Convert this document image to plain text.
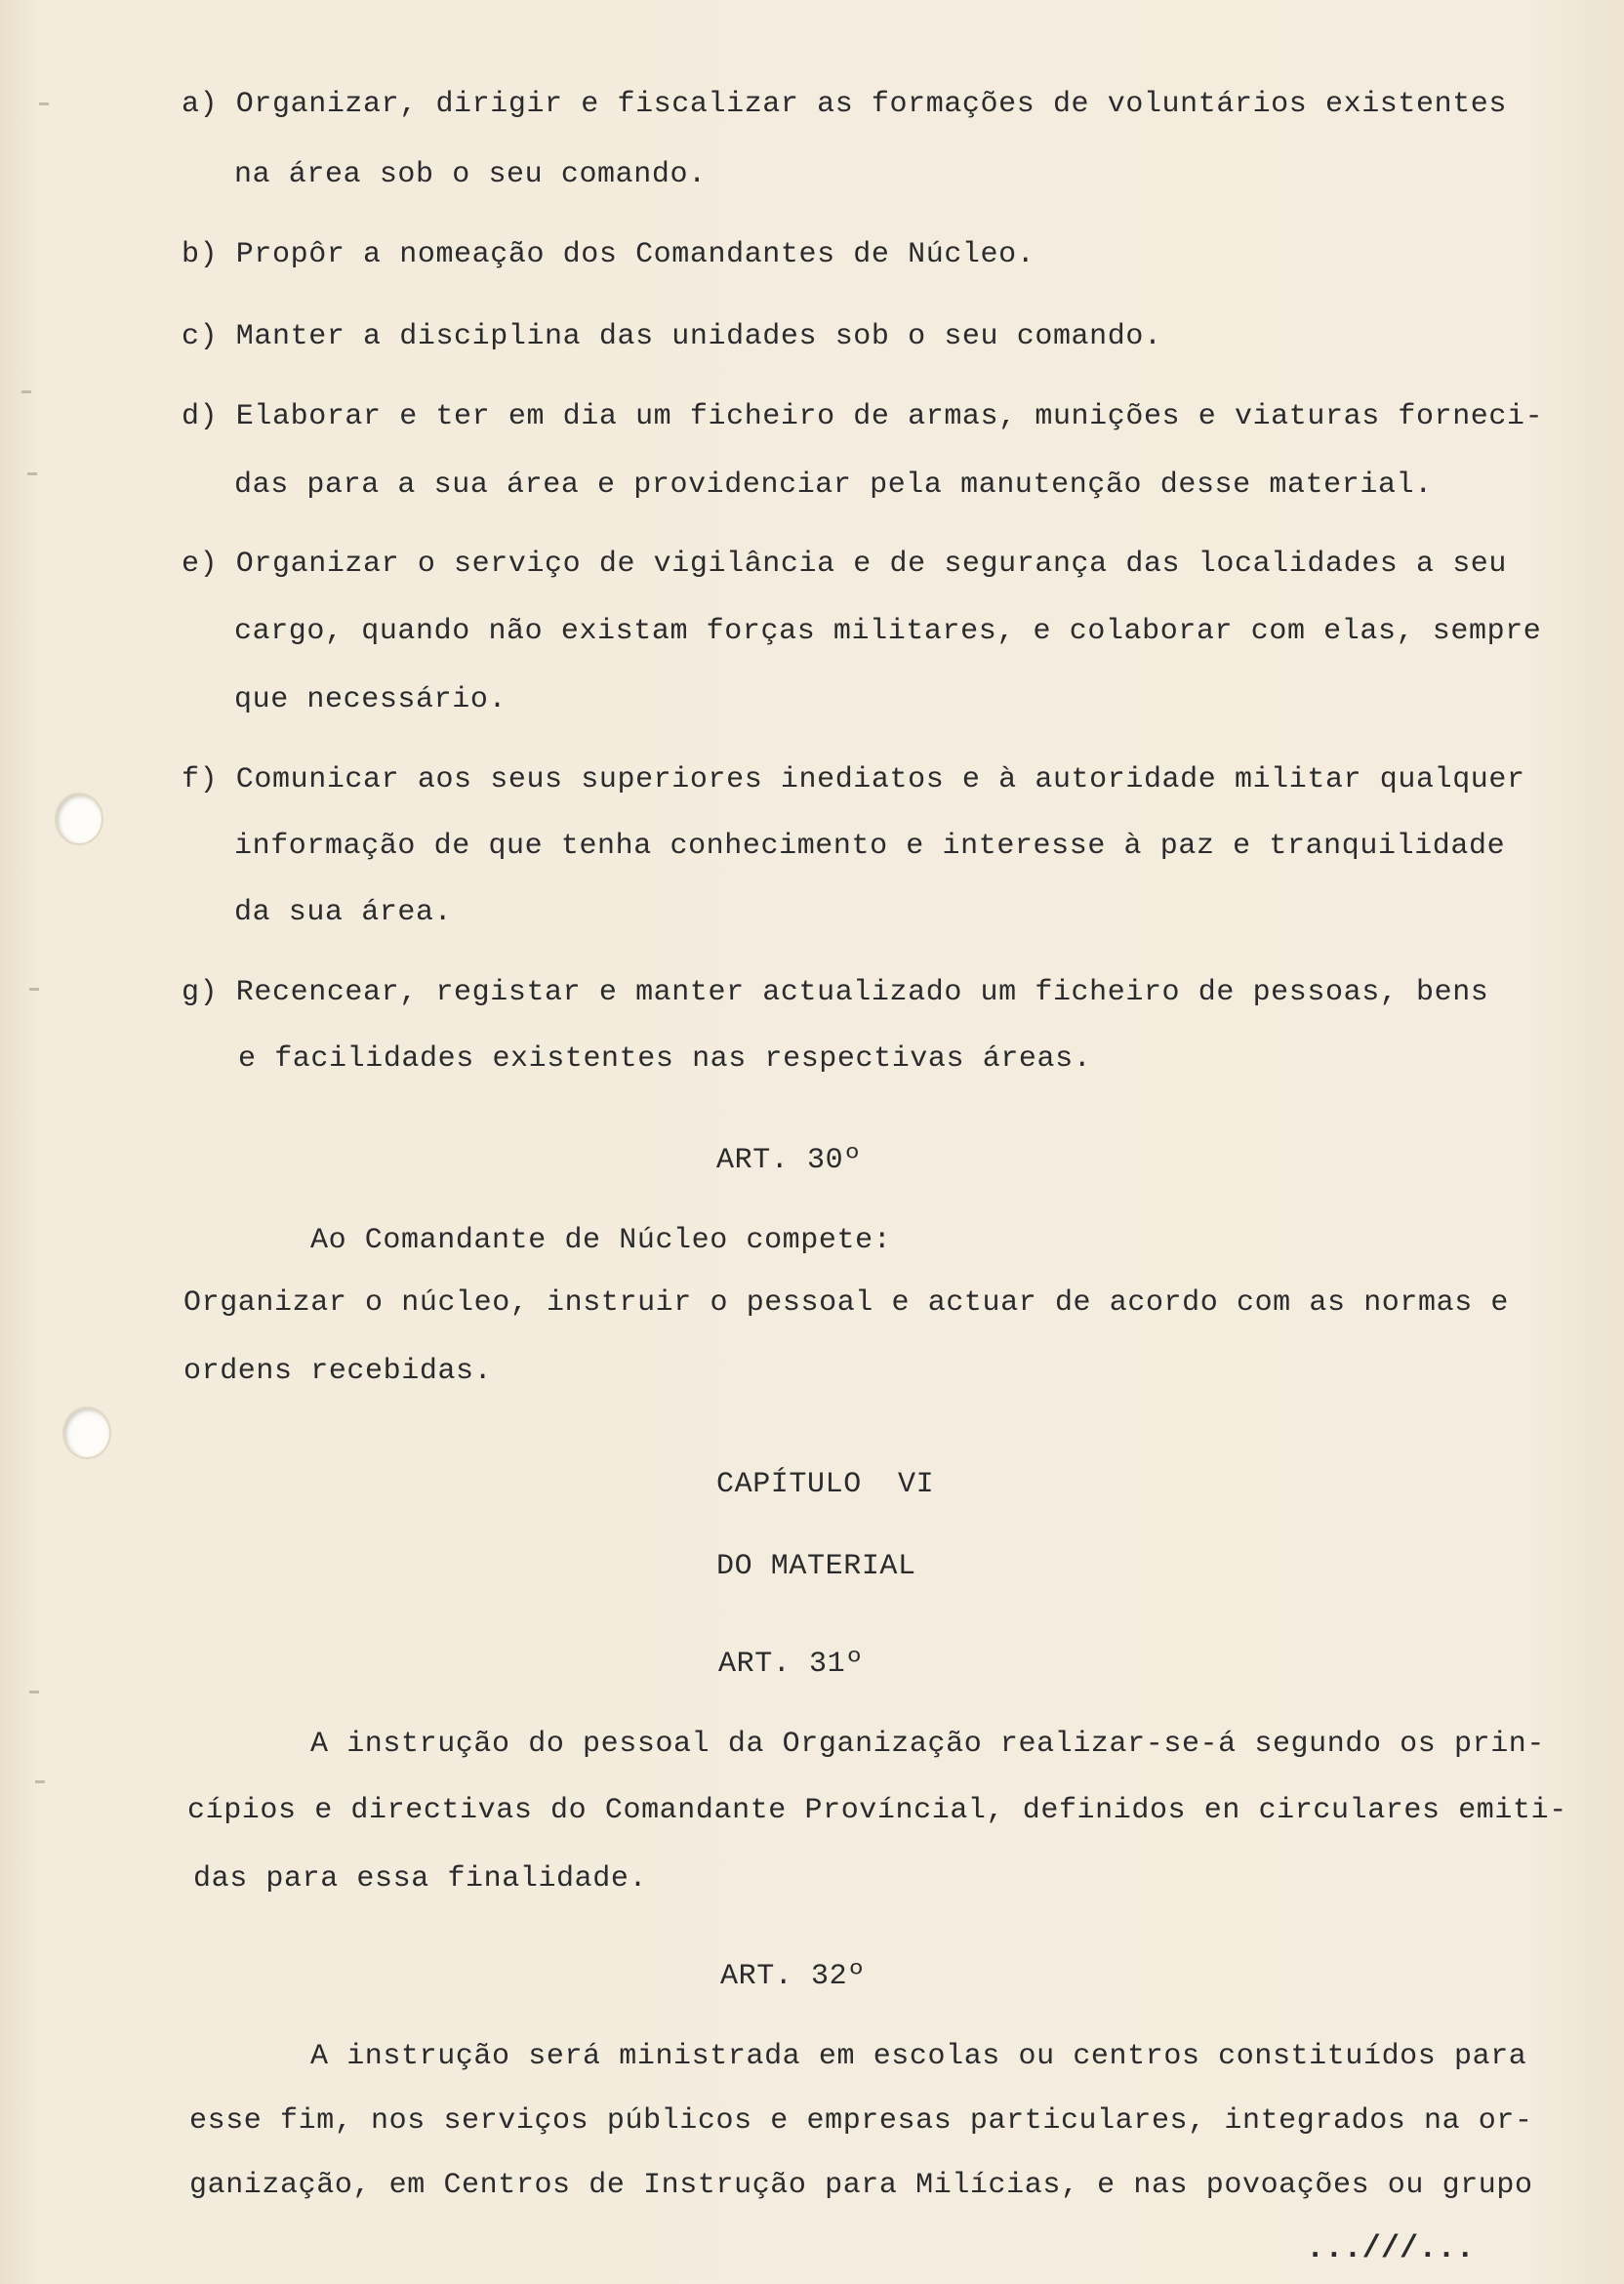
a) Organizar, dirigir e fiscalizar as formações de voluntários existentes
na área sob o seu comando.
b) Propôr a nomeação dos Comandantes de Núcleo.
c) Manter a disciplina das unidades sob o seu comando.
d) Elaborar e ter em dia um ficheiro de armas, munições e viaturas forneci-
das para a sua área e providenciar pela manutenção desse material.
e) Organizar o serviço de vigilância e de segurança das localidades a seu
cargo, quando não existam forças militares, e colaborar com elas, sempre
que necessário.
f) Comunicar aos seus superiores inediatos e à autoridade militar qualquer
informação de que tenha conhecimento e interesse à paz e tranquilidade
da sua área.
g) Recencear, registar e manter actualizado um ficheiro de pessoas, bens
e facilidades existentes nas respectivas áreas.
ART. 30º
Ao Comandante de Núcleo compete:
Organizar o núcleo, instruir o pessoal e actuar de acordo com as normas e
ordens recebidas.
CAPÍTULO  VI
DO MATERIAL
ART. 31º
A instrução do pessoal da Organização realizar-se-á segundo os prin-
cípios e directivas do Comandante Províncial, definidos en circulares emiti-
das para essa finalidade.
ART. 32º
A instrução será ministrada em escolas ou centros constituídos para
esse fim, nos serviços públicos e empresas particulares, integrados na or-
ganização, em Centros de Instrução para Milícias, e nas povoações ou grupo
...///...
